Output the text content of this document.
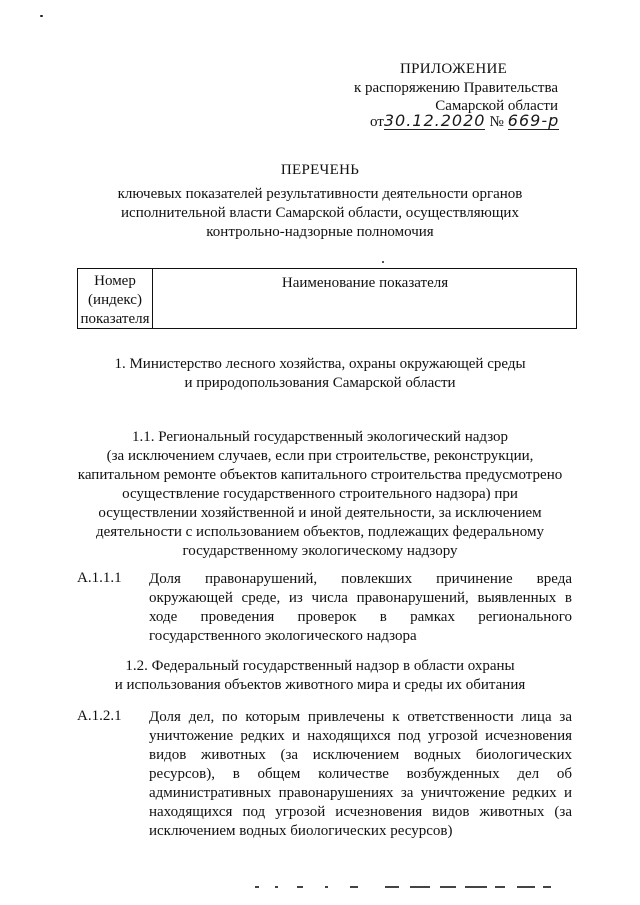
ПРИЛОЖЕНИЕ
к распоряжению Правительства
Самарской области
от30.12.2020 № 669-р
ПЕРЕЧЕНЬ
ключевых показателей результативности деятельности органов
исполнительной власти Самарской области, осуществляющих
контрольно-надзорные полномочия
Номер
(индекс)
показателя
Наименование показателя
1. Министерство лесного хозяйства, охраны окружающей среды
и природопользования Самарской области
1.1. Региональный государственный экологический надзор
(за исключением случаев, если при строительстве, реконструкции,
капитальном ремонте объектов капитального строительства предусмотрено
осуществление государственного строительного надзора) при
осуществлении хозяйственной и иной деятельности, за исключением
деятельности с использованием объектов, подлежащих федеральному
государственному экологическому надзору
А.1.1.1 Доля правонарушений, повлекших причинение вреда окружающей среде, из числа правонарушений, выявленных в ходе проведения проверок в рамках регионального государственного экологического надзора
1.2. Федеральный государственный надзор в области охраны
и использования объектов животного мира и среды их обитания
А.1.2.1 Доля дел, по которым привлечены к ответственности лица за уничтожение редких и находящихся под угрозой исчезновения видов животных (за исключением водных биологических ресурсов), в общем количестве возбужденных дел об административных правонарушениях за уничтожение редких и находящихся под угрозой исчезновения видов животных (за исключением водных биологических ресурсов)
